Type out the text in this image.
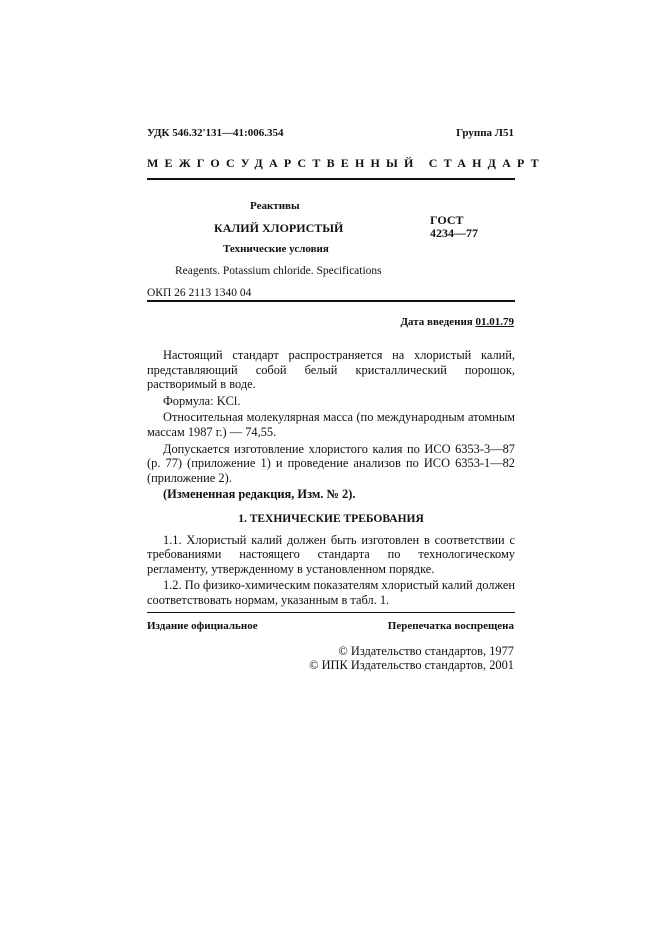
УДК 546.32'131—41:006.354	Группа Л51
МЕЖГОСУДАРСТВЕННЫЙ СТАНДАРТ
Реактивы
КАЛИЙ ХЛОРИСТЫЙ
ГОСТ
4234—77
Технические условия
Reagents. Potassium chloride. Specifications
ОКП 26 2113 1340 04
Дата введения 01.01.79

Настоящий стандарт распространяется на хлористый калий, представляющий собой белый кристаллический порошок, растворимый в воде.

Формула: KCl.

Относительная молекулярная масса (по международным атомным массам 1987 г.) — 74,55.

Допускается изготовление хлористого калия по ИСО 6353-3—87 (р. 77) (приложение 1) и проведение анализов по ИСО 6353-1—82 (приложение 2).

(Измененная редакция, Изм. № 2).

1. ТЕХНИЧЕСКИЕ ТРЕБОВАНИЯ

1.1. Хлористый калий должен быть изготовлен в соответствии с требованиями настоящего стандарта по технологическому регламенту, утвержденному в установленном порядке.

1.2. По физико-химическим показателям хлористый калий должен соответствовать нормам, указанным в табл. 1.

Издание официальное	Перепечатка воспрещена
© Издательство стандартов, 1977
© ИПК Издательство стандартов, 2001
